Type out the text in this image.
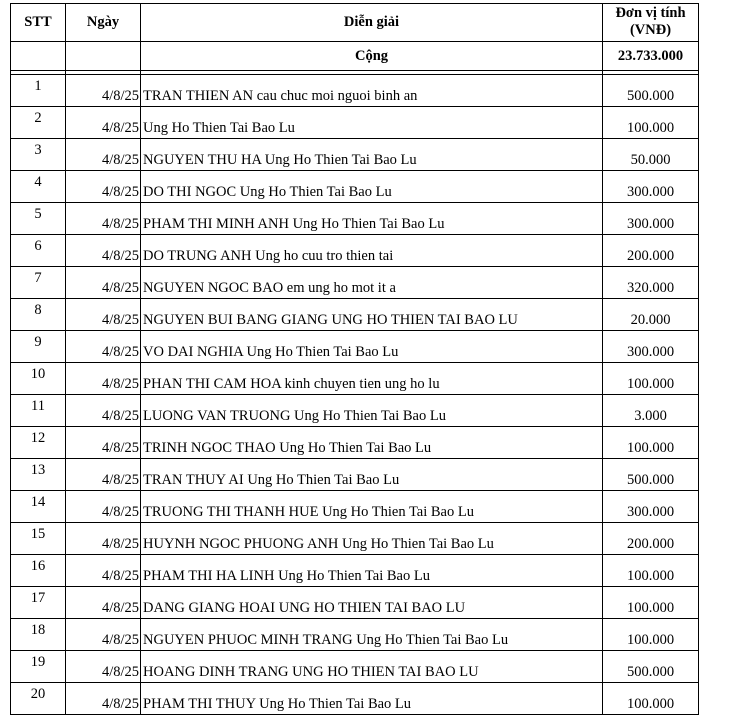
STT	Ngày	Diễn giải	Đơn vị tính
(VNĐ)

		Cộng	23.733.000

1	4/8/25	TRAN THIEN AN cau chuc moi nguoi binh an	500.000
2	4/8/25	Ung Ho Thien Tai Bao Lu	100.000
3	4/8/25	NGUYEN THU HA Ung Ho Thien Tai Bao Lu	50.000
4	4/8/25	DO THI NGOC Ung Ho Thien Tai Bao Lu	300.000
5	4/8/25	PHAM THI MINH ANH Ung Ho Thien Tai Bao Lu	300.000
6	4/8/25	DO TRUNG ANH Ung ho cuu tro thien tai	200.000
7	4/8/25	NGUYEN NGOC BAO em ung ho mot it a	320.000
8	4/8/25	NGUYEN BUI BANG GIANG UNG HO THIEN TAI BAO LU	20.000
9	4/8/25	VO DAI NGHIA Ung Ho Thien Tai Bao Lu	300.000
10	4/8/25	PHAN THI CAM HOA kinh chuyen tien ung ho lu	100.000
11	4/8/25	LUONG VAN TRUONG Ung Ho Thien Tai Bao Lu	3.000
12	4/8/25	TRINH NGOC THAO Ung Ho Thien Tai Bao Lu	100.000
13	4/8/25	TRAN THUY AI Ung Ho Thien Tai Bao Lu	500.000
14	4/8/25	TRUONG THI THANH HUE Ung Ho Thien Tai Bao Lu	300.000
15	4/8/25	HUYNH NGOC PHUONG ANH Ung Ho Thien Tai Bao Lu	200.000
16	4/8/25	PHAM THI HA LINH Ung Ho Thien Tai Bao Lu	100.000
17	4/8/25	DANG GIANG HOAI UNG HO THIEN TAI BAO LU	100.000
18	4/8/25	NGUYEN PHUOC MINH TRANG Ung Ho Thien Tai Bao Lu	100.000
19	4/8/25	HOANG DINH TRANG UNG HO THIEN TAI BAO LU	500.000
20	4/8/25	PHAM THI THUY Ung Ho Thien Tai Bao Lu	100.000
